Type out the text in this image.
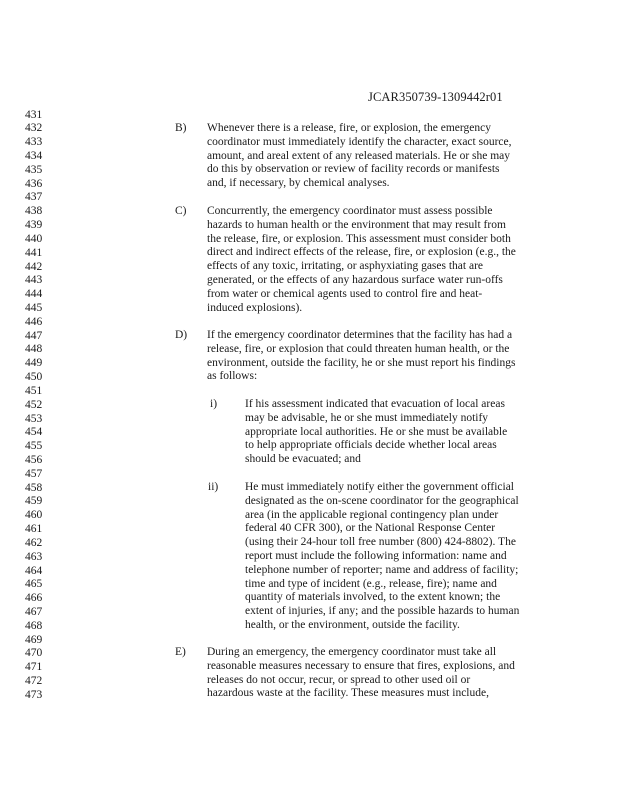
JCAR350739-1309442r01
431
432
433
434
435
436
437
438
439
440
441
442
443
444
445
446
447
448
449
450
451
452
453
454
455
456
457
458
459
460
461
462
463
464
465
466
467
468
469
470
471
472
473
B) Whenever there is a release, fire, or explosion, the emergency
coordinator must immediately identify the character, exact source,
amount, and areal extent of any released materials. He or she may
do this by observation or review of facility records or manifests
and, if necessary, by chemical analyses.
C) Concurrently, the emergency coordinator must assess possible
hazards to human health or the environment that may result from
the release, fire, or explosion. This assessment must consider both
direct and indirect effects of the release, fire, or explosion (e.g., the
effects of any toxic, irritating, or asphyxiating gases that are
generated, or the effects of any hazardous surface water run-offs
from water or chemical agents used to control fire and heat-
induced explosions).
D) If the emergency coordinator determines that the facility has had a
release, fire, or explosion that could threaten human health, or the
environment, outside the facility, he or she must report his findings
as follows:
i) If his assessment indicated that evacuation of local areas
may be advisable, he or she must immediately notify
appropriate local authorities. He or she must be available
to help appropriate officials decide whether local areas
should be evacuated; and
ii) He must immediately notify either the government official
designated as the on-scene coordinator for the geographical
area (in the applicable regional contingency plan under
federal 40 CFR 300), or the National Response Center
(using their 24-hour toll free number (800) 424-8802). The
report must include the following information: name and
telephone number of reporter; name and address of facility;
time and type of incident (e.g., release, fire); name and
quantity of materials involved, to the extent known; the
extent of injuries, if any; and the possible hazards to human
health, or the environment, outside the facility.
E) During an emergency, the emergency coordinator must take all
reasonable measures necessary to ensure that fires, explosions, and
releases do not occur, recur, or spread to other used oil or
hazardous waste at the facility. These measures must include,
